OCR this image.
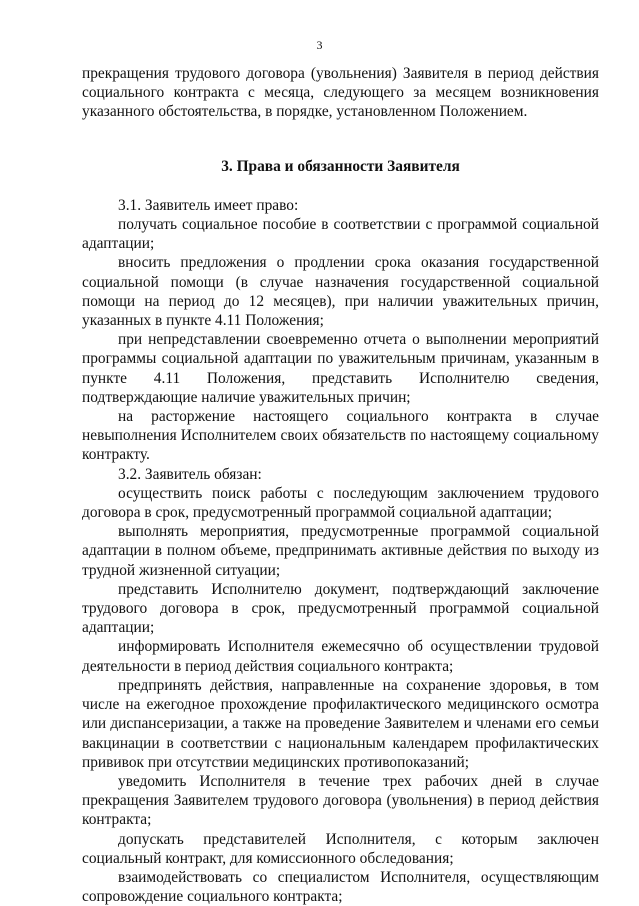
3

прекращения трудового договора (увольнения) Заявителя в период действия социального контракта с месяца, следующего за месяцем возникновения указанного обстоятельства, в порядке, установленном Положением.

3. Права и обязанности Заявителя

3.1. Заявитель имеет право:

получать социальное пособие в соответствии с программой социальной адаптации;

вносить предложения о продлении срока оказания государственной социальной помощи (в случае назначения государственной социальной помощи на период до 12 месяцев), при наличии уважительных причин, указанных в пункте 4.11 Положения;

при непредставлении своевременно отчета о выполнении мероприятий программы социальной адаптации по уважительным причинам, указанным в пункте 4.11 Положения, представить Исполнителю сведения, подтверждающие наличие уважительных причин;

на расторжение настоящего социального контракта в случае невыполнения Исполнителем своих обязательств по настоящему социальному контракту.

3.2. Заявитель обязан:

осуществить поиск работы с последующим заключением трудового договора в срок, предусмотренный программой социальной адаптации;

выполнять мероприятия, предусмотренные программой социальной адаптации в полном объеме, предпринимать активные действия по выходу из трудной жизненной ситуации;

представить Исполнителю документ, подтверждающий заключение трудового договора в срок, предусмотренный программой социальной адаптации;

информировать Исполнителя ежемесячно об осуществлении трудовой деятельности в период действия социального контракта;

предпринять действия, направленные на сохранение здоровья, в том числе на ежегодное прохождение профилактического медицинского осмотра или диспансеризации, а также на проведение Заявителем и членами его семьи вакцинации в соответствии с национальным календарем профилактических прививок при отсутствии медицинских противопоказаний;

уведомить Исполнителя в течение трех рабочих дней в случае прекращения Заявителем трудового договора (увольнения) в период действия контракта;

допускать представителей Исполнителя, с которым заключен социальный контракт, для комиссионного обследования;

взаимодействовать со специалистом Исполнителя, осуществляющим сопровождение социального контракта;
